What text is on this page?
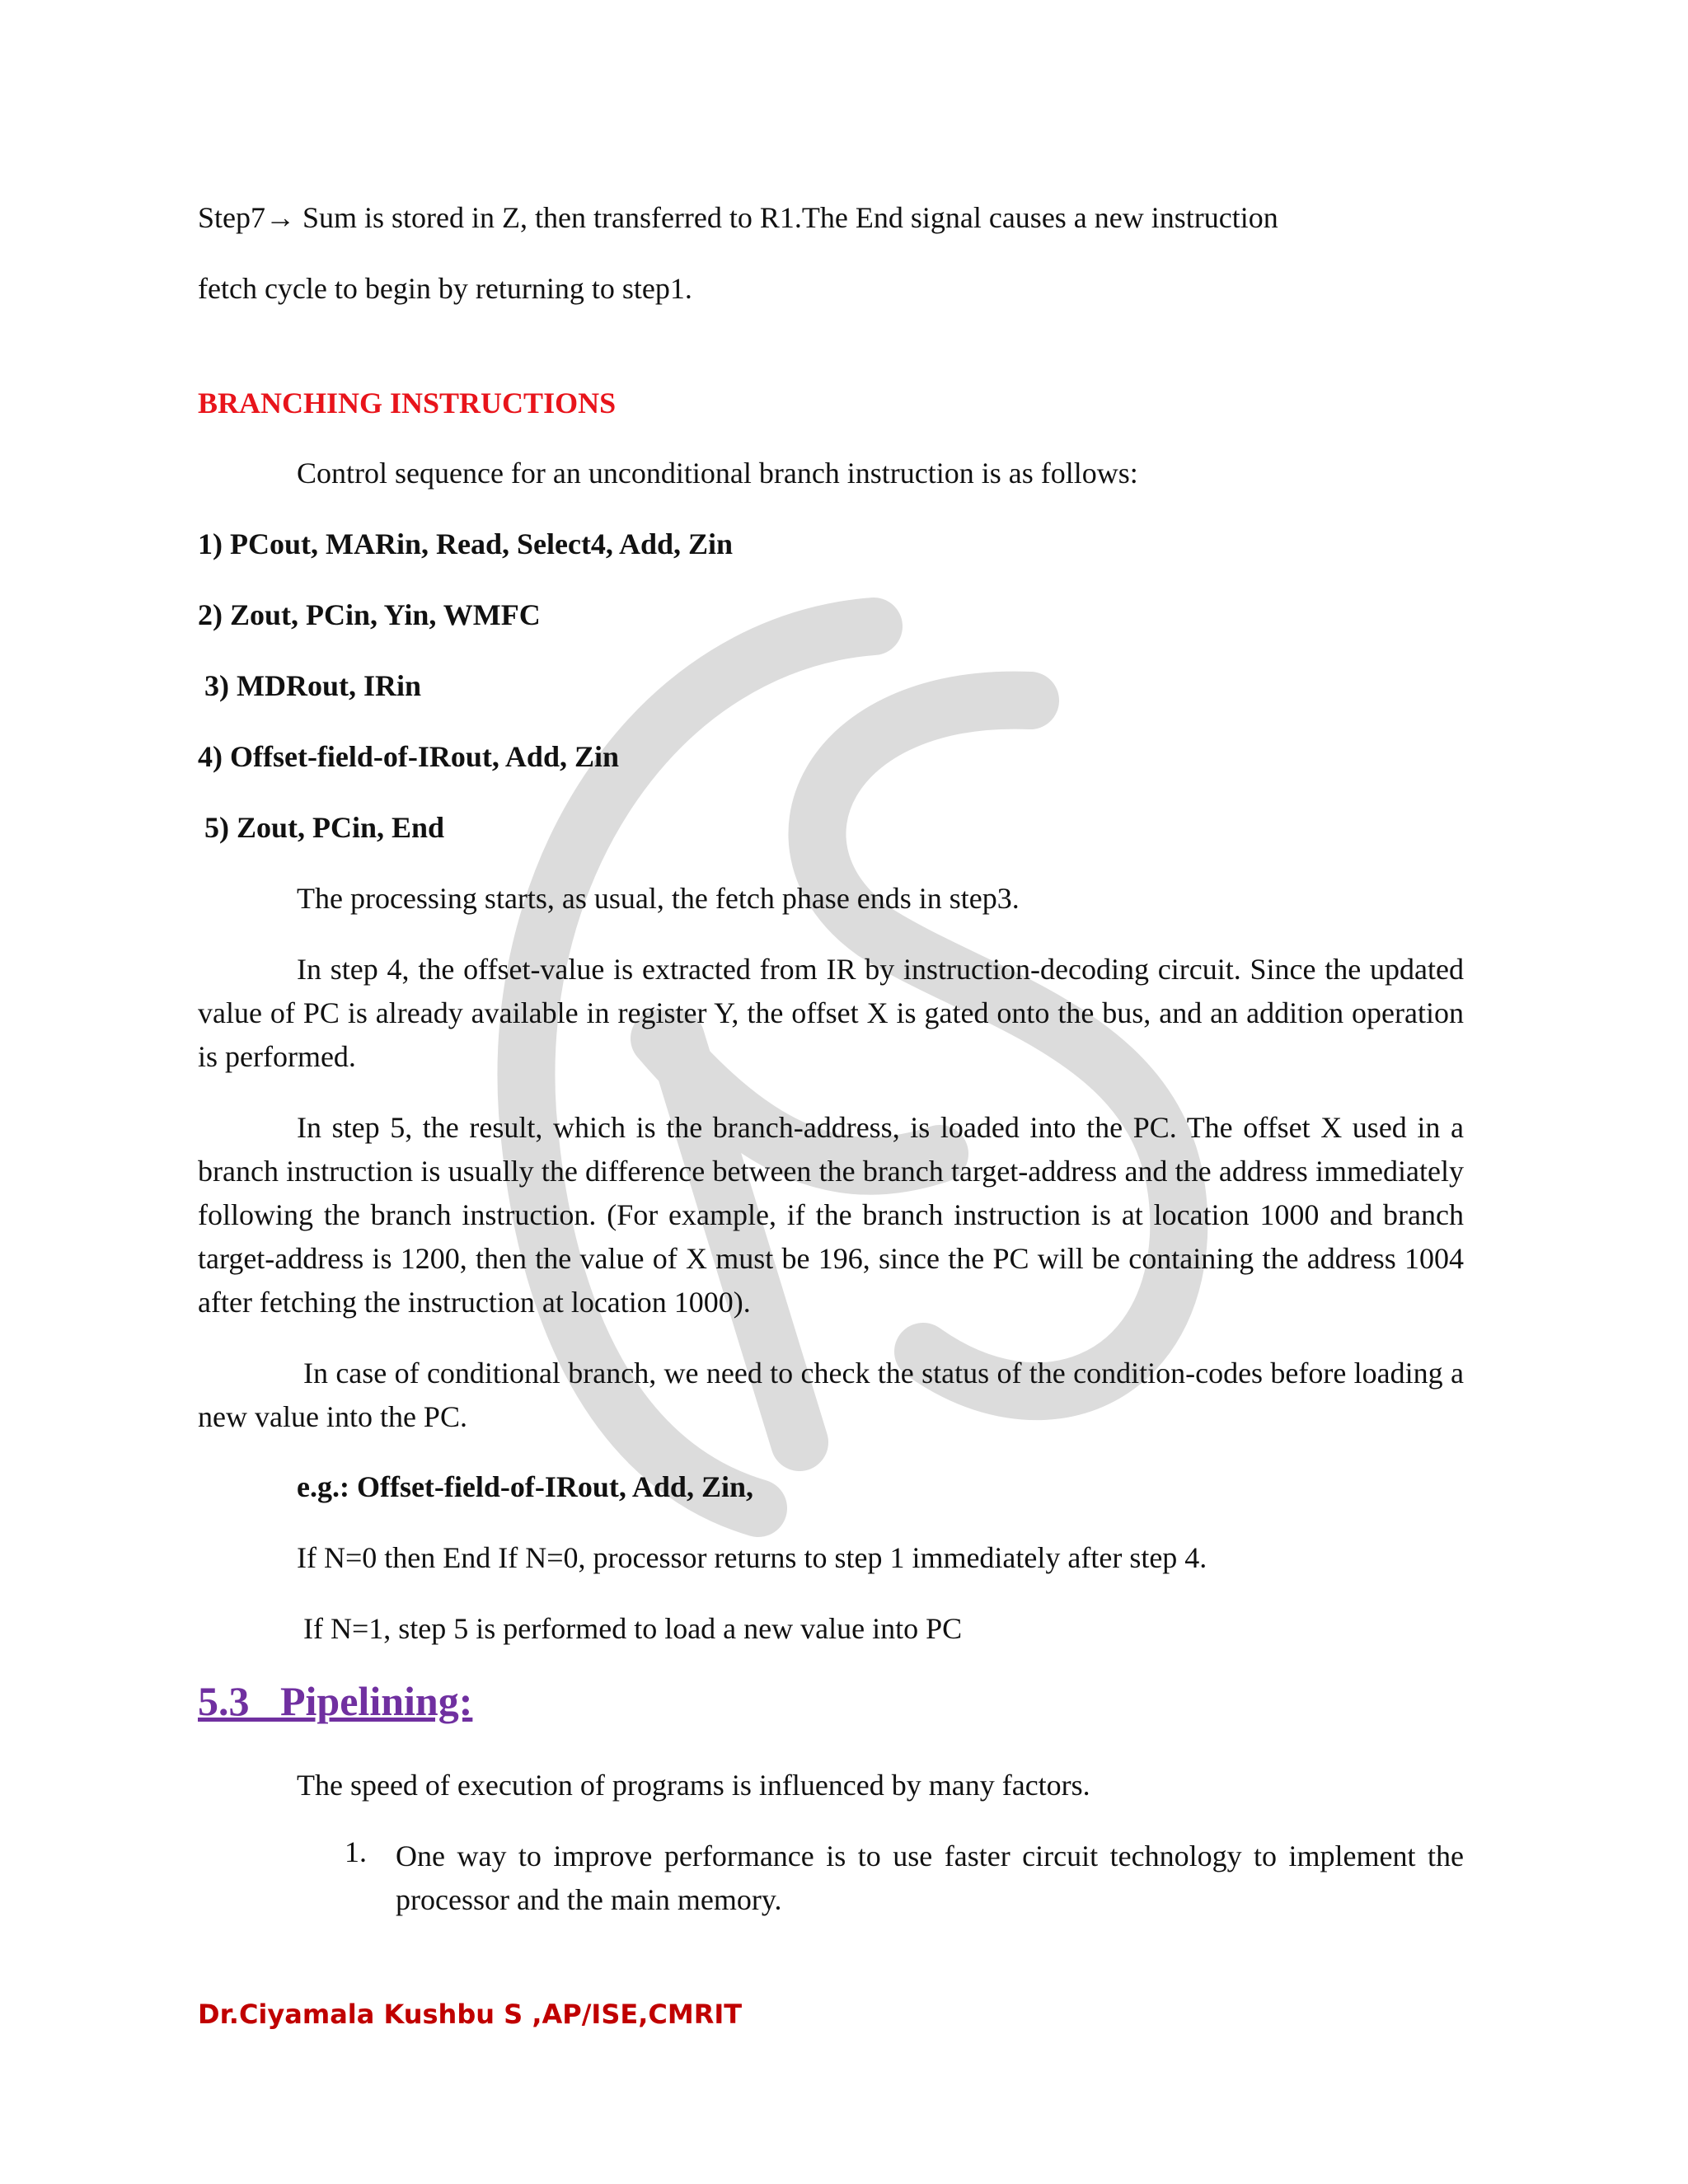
Step7→ Sum is stored in Z, then transferred to R1.The End signal causes a new instruction
fetch cycle to begin by returning to step1.
BRANCHING INSTRUCTIONS
Control sequence for an unconditional branch instruction is as follows:
1) PCout, MARin, Read, Select4, Add, Zin
2) Zout, PCin, Yin, WMFC
3) MDRout, IRin
4) Offset-field-of-IRout, Add, Zin
5) Zout, PCin, End
The processing starts, as usual, the fetch phase ends in step3.
In step 4, the offset-value is extracted from IR by instruction-decoding circuit. Since the updated value of PC is already available in register Y, the offset X is gated onto the bus, and an addition operation is performed.
In step 5, the result, which is the branch-address, is loaded into the PC. The offset X used in a branch instruction is usually the difference between the branch target-address and the address immediately following the branch instruction. (For example, if the branch instruction is at location 1000 and branch target-address is 1200, then the value of X must be 196, since the PC will be containing the address 1004 after fetching the instruction at location 1000).
In case of conditional branch, we need to check the status of the condition-codes before loading a new value into the PC.
e.g.: Offset-field-of-IRout, Add, Zin,
If N=0 then End If N=0, processor returns to step 1 immediately after step 4.
If N=1, step 5 is performed to load a new value into PC
5.3   Pipelining:
The speed of execution of programs is influenced by many factors.
1. One way to improve performance is to use faster circuit technology to implement the processor and the main memory.
Dr.Ciyamala Kushbu S ,AP/ISE,CMRIT
